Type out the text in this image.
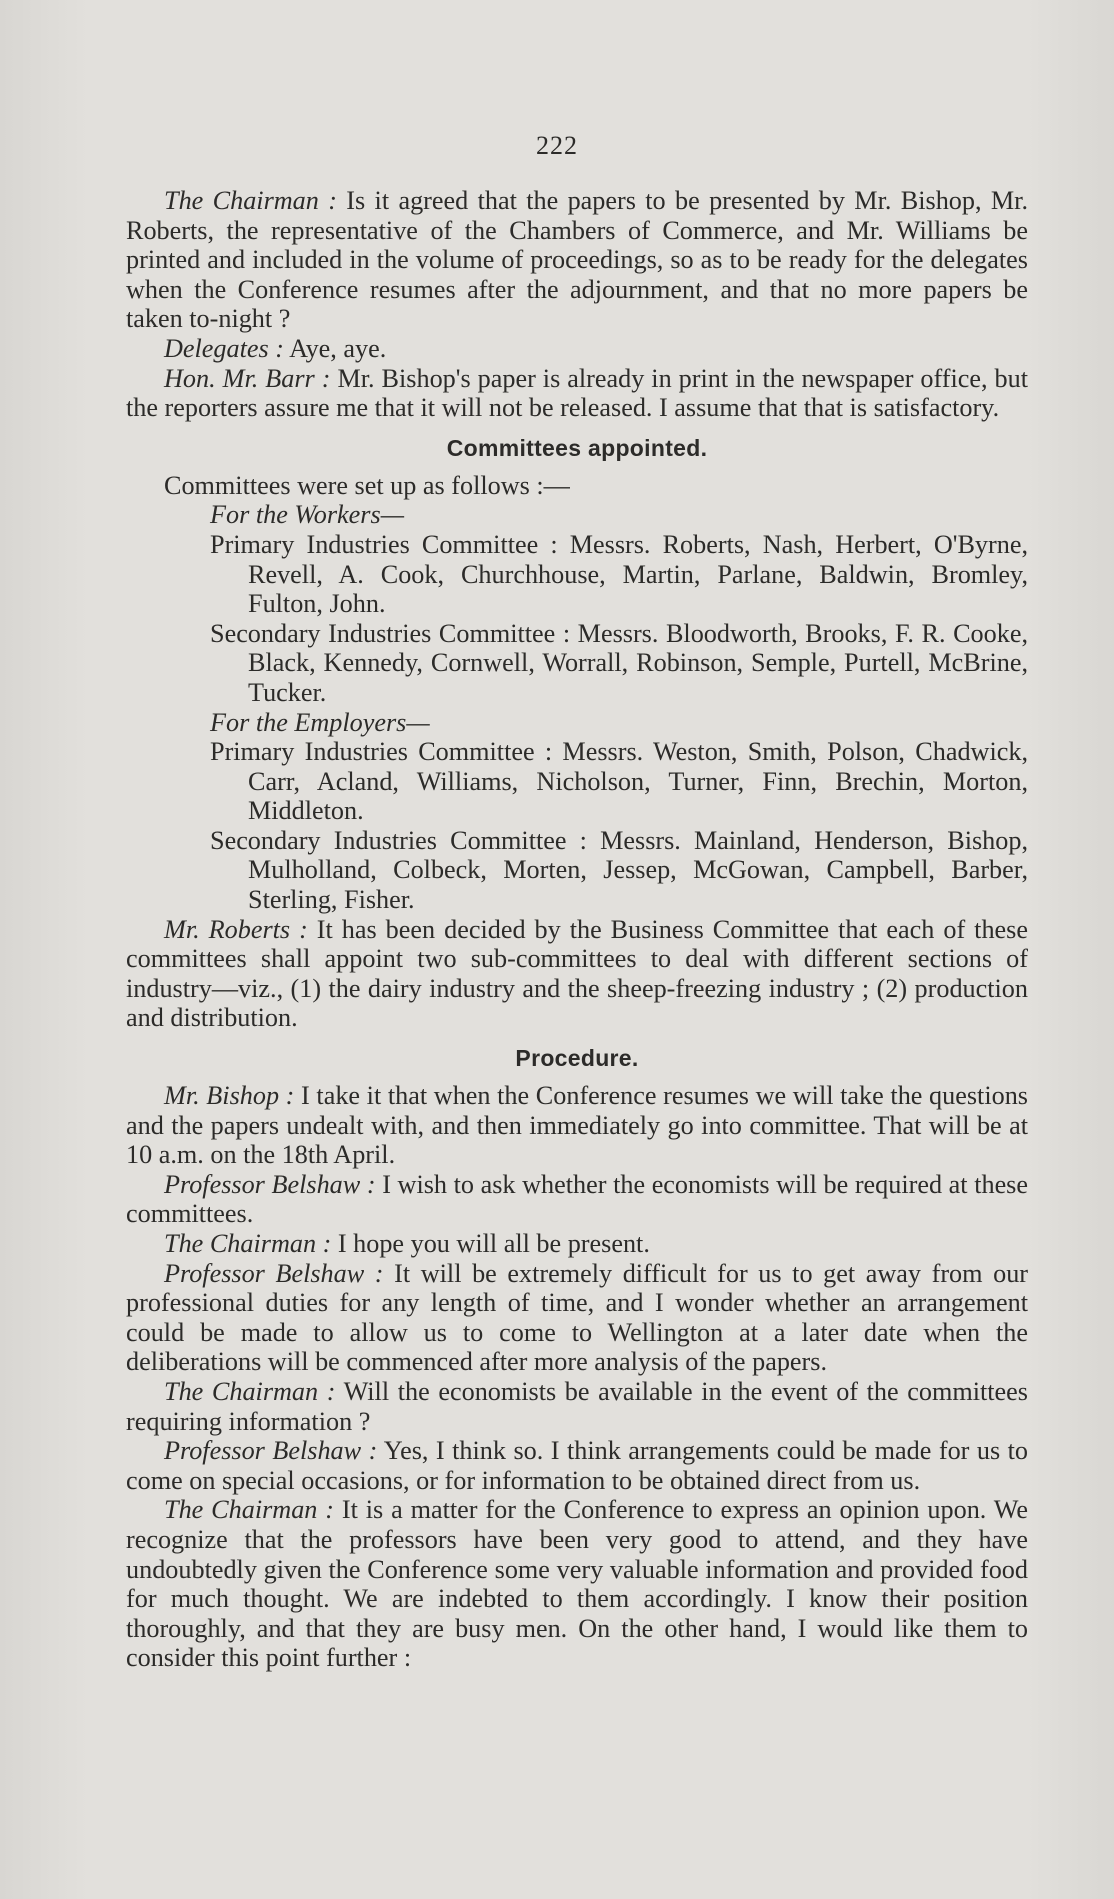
222

The Chairman : Is it agreed that the papers to be presented by Mr. Bishop, Mr. Roberts, the representative of the Chambers of Commerce, and Mr. Williams be printed and included in the volume of proceedings, so as to be ready for the delegates when the Conference resumes after the adjournment, and that no more papers be taken to-night ?

Delegates : Aye, aye.

Hon. Mr. Barr : Mr. Bishop's paper is already in print in the newspaper office, but the reporters assure me that it will not be released. I assume that that is satisfactory.

Committees appointed.

Committees were set up as follows :—

For the Workers—

Primary Industries Committee : Messrs. Roberts, Nash, Herbert, O'Byrne, Revell, A. Cook, Churchhouse, Martin, Parlane, Baldwin, Bromley, Fulton, John.

Secondary Industries Committee : Messrs. Bloodworth, Brooks, F. R. Cooke, Black, Kennedy, Cornwell, Worrall, Robinson, Semple, Purtell, McBrine, Tucker.

For the Employers—

Primary Industries Committee : Messrs. Weston, Smith, Polson, Chadwick, Carr, Acland, Williams, Nicholson, Turner, Finn, Brechin, Morton, Middleton.

Secondary Industries Committee : Messrs. Mainland, Henderson, Bishop, Mulholland, Colbeck, Morten, Jessep, McGowan, Campbell, Barber, Sterling, Fisher.

Mr. Roberts : It has been decided by the Business Committee that each of these committees shall appoint two sub-committees to deal with different sections of industry—viz., (1) the dairy industry and the sheep-freezing industry ; (2) production and distribution.

Procedure.

Mr. Bishop : I take it that when the Conference resumes we will take the questions and the papers undealt with, and then immediately go into committee. That will be at 10 a.m. on the 18th April.

Professor Belshaw : I wish to ask whether the economists will be required at these committees.

The Chairman : I hope you will all be present.

Professor Belshaw : It will be extremely difficult for us to get away from our professional duties for any length of time, and I wonder whether an arrangement could be made to allow us to come to Wellington at a later date when the deliberations will be commenced after more analysis of the papers.

The Chairman : Will the economists be available in the event of the committees requiring information ?

Professor Belshaw : Yes, I think so. I think arrangements could be made for us to come on special occasions, or for information to be obtained direct from us.

The Chairman : It is a matter for the Conference to express an opinion upon. We recognize that the professors have been very good to attend, and they have undoubtedly given the Conference some very valuable information and provided food for much thought. We are indebted to them accordingly. I know their position thoroughly, and that they are busy men. On the other hand, I would like them to consider this point further :
